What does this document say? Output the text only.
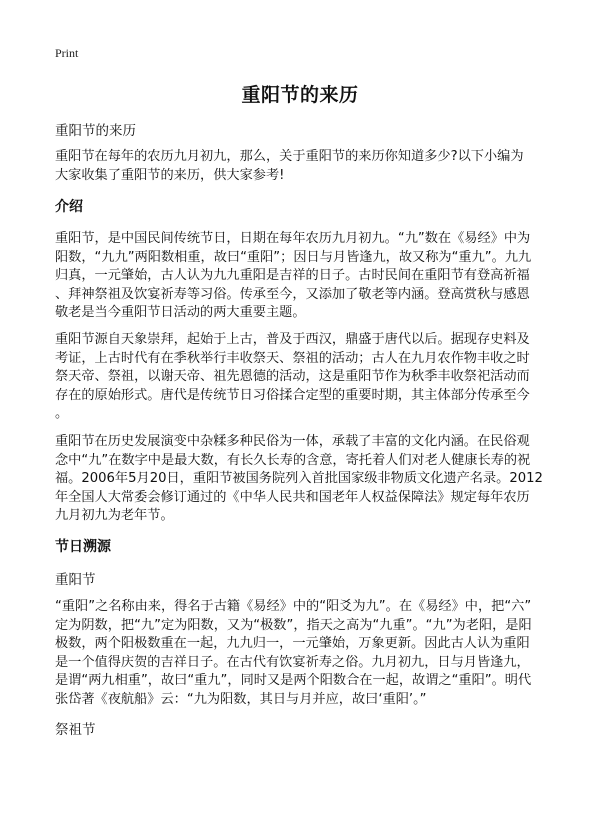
Print
重阳节的来历

重阳节的来历

重阳节在每年的农历九月初九，那么，关于重阳节的来历你知道多少?以下小编为
大家收集了重阳节的来历，供大家参考!

介绍

重阳节，是中国民间传统节日，日期在每年农历九月初九。“九”数在《易经》中为
阳数，“九九”两阳数相重，故曰“重阳”；因日与月皆逢九，故又称为“重九”。九九
归真，一元肇始，古人认为九九重阳是吉祥的日子。古时民间在重阳节有登高祈福
、拜神祭祖及饮宴祈寿等习俗。传承至今，又添加了敬老等内涵。登高赏秋与感恩
敬老是当今重阳节日活动的两大重要主题。

重阳节源自天象崇拜，起始于上古，普及于西汉，鼎盛于唐代以后。据现存史料及
考证，上古时代有在季秋举行丰收祭天、祭祖的活动；古人在九月农作物丰收之时
祭天帝、祭祖，以谢天帝、祖先恩德的活动，这是重阳节作为秋季丰收祭祀活动而
存在的原始形式。唐代是传统节日习俗揉合定型的重要时期，其主体部分传承至今
。

重阳节在历史发展演变中杂糅多种民俗为一体，承载了丰富的文化内涵。在民俗观
念中“九”在数字中是最大数，有长久长寿的含意，寄托着人们对老人健康长寿的祝
福。2006年5月20日，重阳节被国务院列入首批国家级非物质文化遗产名录。2012
年全国人大常委会修订通过的《中华人民共和国老年人权益保障法》规定每年农历
九月初九为老年节。

节日溯源

重阳节

“重阳”之名称由来，得名于古籍《易经》中的“阳爻为九”。在《易经》中，把“六”
定为阴数，把“九”定为阳数，又为“极数”，指天之高为“九重”。“九”为老阳，是阳
极数，两个阳极数重在一起，九九归一，一元肇始，万象更新。因此古人认为重阳
是一个值得庆贺的吉祥日子。在古代有饮宴祈寿之俗。九月初九，日与月皆逢九，
是谓“两九相重”，故曰“重九”，同时又是两个阳数合在一起，故谓之“重阳”。明代
张岱著《夜航船》云：“九为阳数，其日与月并应，故曰‘重阳’。”

祭祖节
